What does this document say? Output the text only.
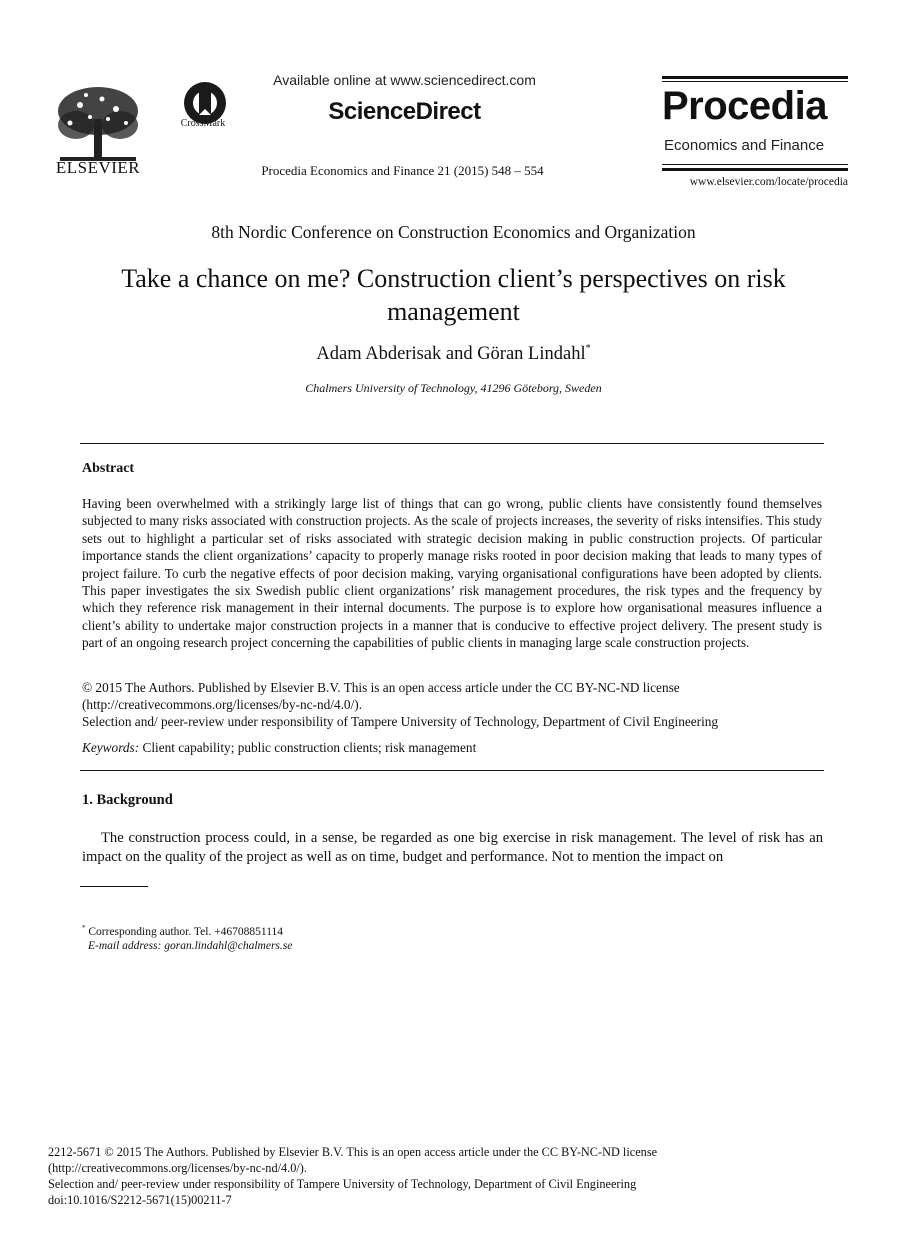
ELSEVIER
CrossMark
Available online at www.sciencedirect.com
ScienceDirect
Procedia Economics and Finance 21 (2015) 548 – 554
Procedia
Economics and Finance
www.elsevier.com/locate/procedia
8th Nordic Conference on Construction Economics and Organization
Take a chance on me? Construction client’s perspectives on risk management
Adam Abderisak and Göran Lindahl*
Chalmers University of Technology, 41296 Göteborg, Sweden
Abstract
Having been overwhelmed with a strikingly large list of things that can go wrong, public clients have consistently found themselves subjected to many risks associated with construction projects. As the scale of projects increases, the severity of risks intensifies. This study sets out to highlight a particular set of risks associated with strategic decision making in public construction projects. Of particular importance stands the client organizations’ capacity to properly manage risks rooted in poor decision making that leads to many types of project failure. To curb the negative effects of poor decision making, varying organisational configurations have been adopted by clients. This paper investigates the six Swedish public client organizations’ risk management procedures, the risk types and the frequency by which they reference risk management in their internal documents. The purpose is to explore how organisational measures influence a client’s ability to undertake major construction projects in a manner that is conducive to effective project delivery. The present study is part of an ongoing research project concerning the capabilities of public clients in managing large scale construction projects.
© 2015 The Authors. Published by Elsevier B.V. This is an open access article under the CC BY-NC-ND license
(http://creativecommons.org/licenses/by-nc-nd/4.0/).
Selection and/ peer-review under responsibility of Tampere University of Technology, Department of Civil Engineering
Keywords: Client capability; public construction clients; risk management
1. Background
The construction process could, in a sense, be regarded as one big exercise in risk management. The level of risk has an impact on the quality of the project as well as on time, budget and performance. Not to mention the impact on
* Corresponding author. Tel. +46708851114
E-mail address: goran.lindahl@chalmers.se
2212-5671 © 2015 The Authors. Published by Elsevier B.V. This is an open access article under the CC BY-NC-ND license
(http://creativecommons.org/licenses/by-nc-nd/4.0/).
Selection and/ peer-review under responsibility of Tampere University of Technology, Department of Civil Engineering
doi:10.1016/S2212-5671(15)00211-7
